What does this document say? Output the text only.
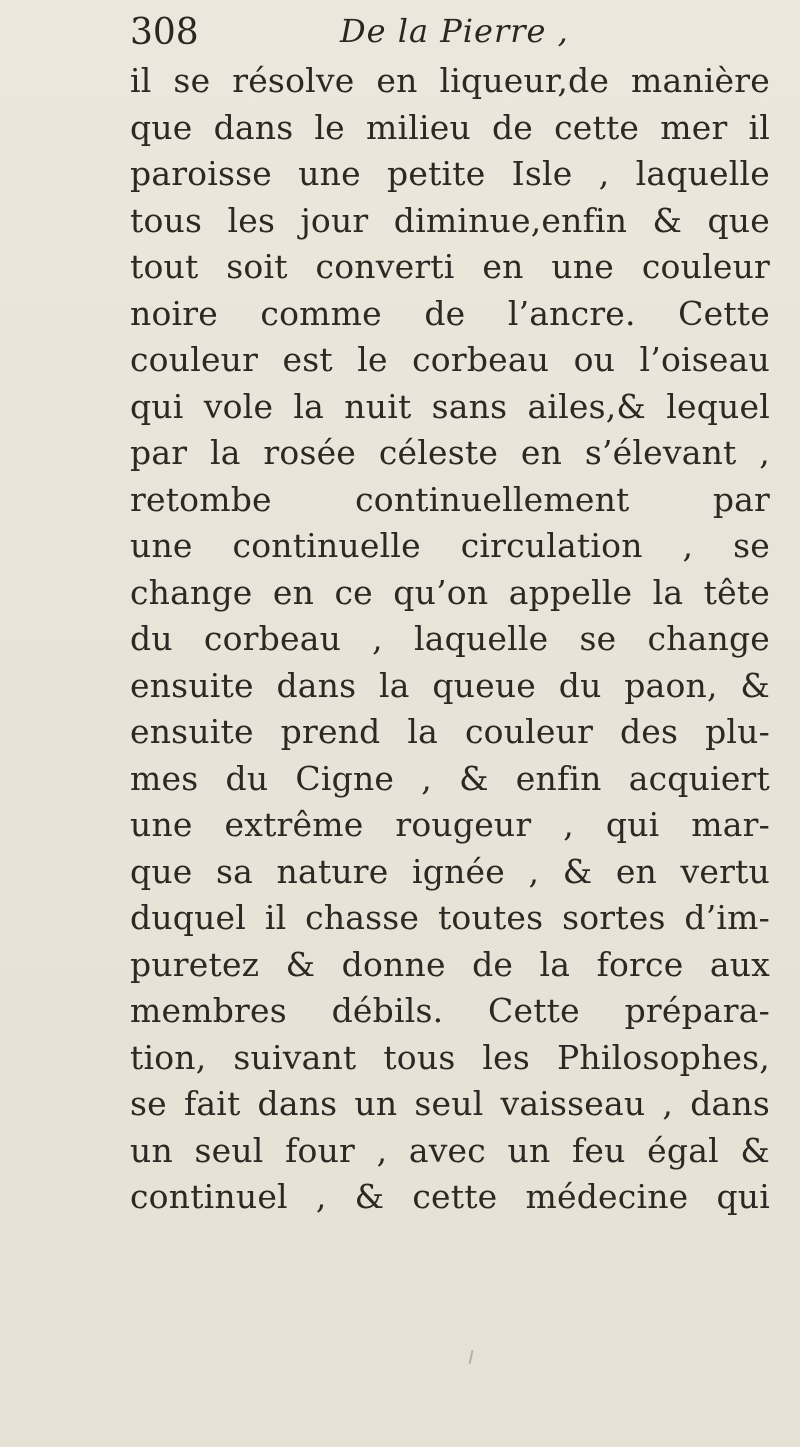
308	De la Pierre ,
il se résolve en liqueur,de manière
que dans le milieu de cette mer il
paroisse une petite Isle , laquelle
tous les jour diminue,enfin & que
tout soit converti en une couleur
noire comme de l’ancre. Cette
couleur est le corbeau ou l’oiseau
qui vole la nuit sans ailes,& lequel
par la rosée céleste en s’élevant ,
retombe continuellement par
une continuelle circulation , se
change en ce qu’on appelle la tête
du corbeau , laquelle se change
ensuite dans la queue du paon, &
ensuite prend la couleur des plu-
mes du Cigne , & enfin acquiert
une extrême rougeur , qui mar-
que sa nature ignée , & en vertu
duquel il chasse toutes sortes d’im-
puretez & donne de la force aux
membres débils. Cette prépara-
tion, suivant tous les Philosophes,
se fait dans un seul vaisseau , dans
un seul four , avec un feu égal &
continuel , & cette médecine qui
